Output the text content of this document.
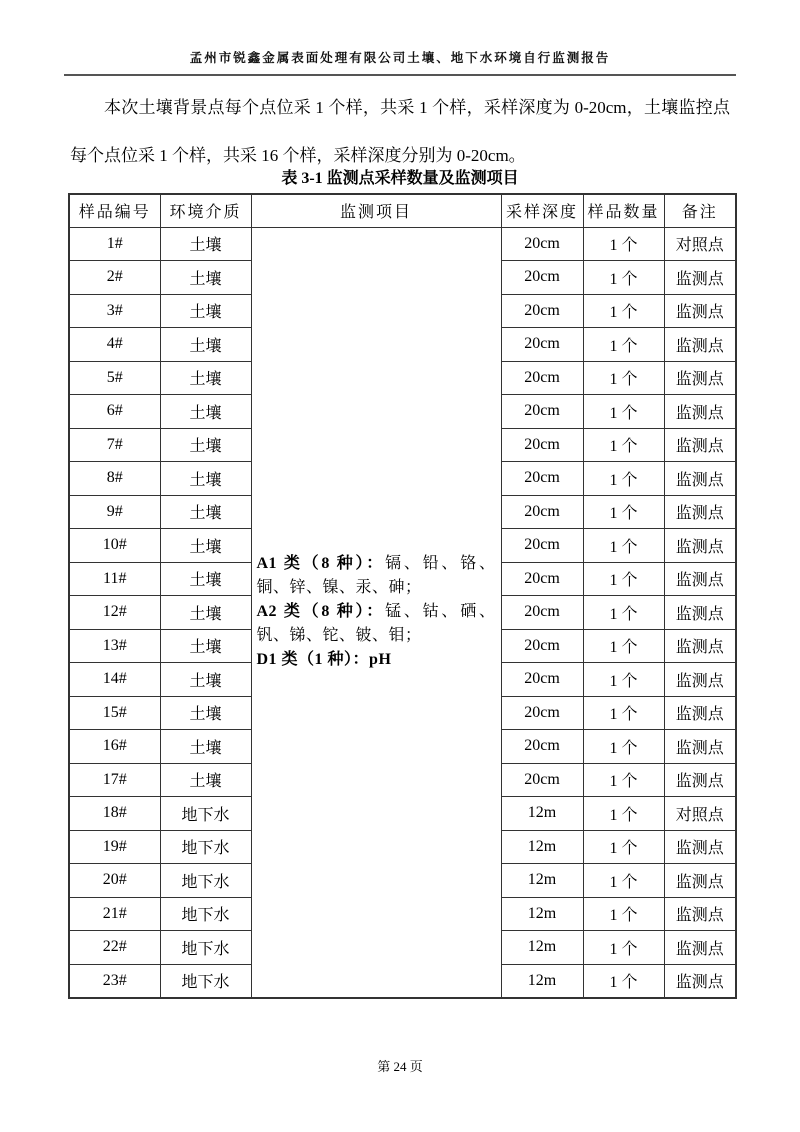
孟州市锐鑫金属表面处理有限公司土壤、地下水环境自行监测报告
本次土壤背景点每个点位采 1 个样，共采 1 个样，采样深度为 0-20cm，土壤监控点每个点位采 1 个样，共采 16 个样，采样深度分别为 0-20cm。
表 3-1 监测点采样数量及监测项目
样品编号	环境介质	监测项目	采样深度	样品数量	备注
1#	土壤	A1 类（8 种）：镉、铅、铬、铜、锌、镍、汞、砷；
A2 类（8 种）：锰、钴、硒、钒、锑、铊、铍、钼；
D1 类（1 种）：pH	20cm	1 个	对照点
2#	土壤		20cm	1 个	监测点
3#	土壤		20cm	1 个	监测点
4#	土壤		20cm	1 个	监测点
5#	土壤		20cm	1 个	监测点
6#	土壤		20cm	1 个	监测点
7#	土壤		20cm	1 个	监测点
8#	土壤		20cm	1 个	监测点
9#	土壤		20cm	1 个	监测点
10#	土壤		20cm	1 个	监测点
11#	土壤		20cm	1 个	监测点
12#	土壤		20cm	1 个	监测点
13#	土壤		20cm	1 个	监测点
14#	土壤		20cm	1 个	监测点
15#	土壤		20cm	1 个	监测点
16#	土壤		20cm	1 个	监测点
17#	土壤		20cm	1 个	监测点
18#	地下水		12m	1 个	对照点
19#	地下水		12m	1 个	监测点
20#	地下水		12m	1 个	监测点
21#	地下水		12m	1 个	监测点
22#	地下水		12m	1 个	监测点
23#	地下水		12m	1 个	监测点
第 24 页
